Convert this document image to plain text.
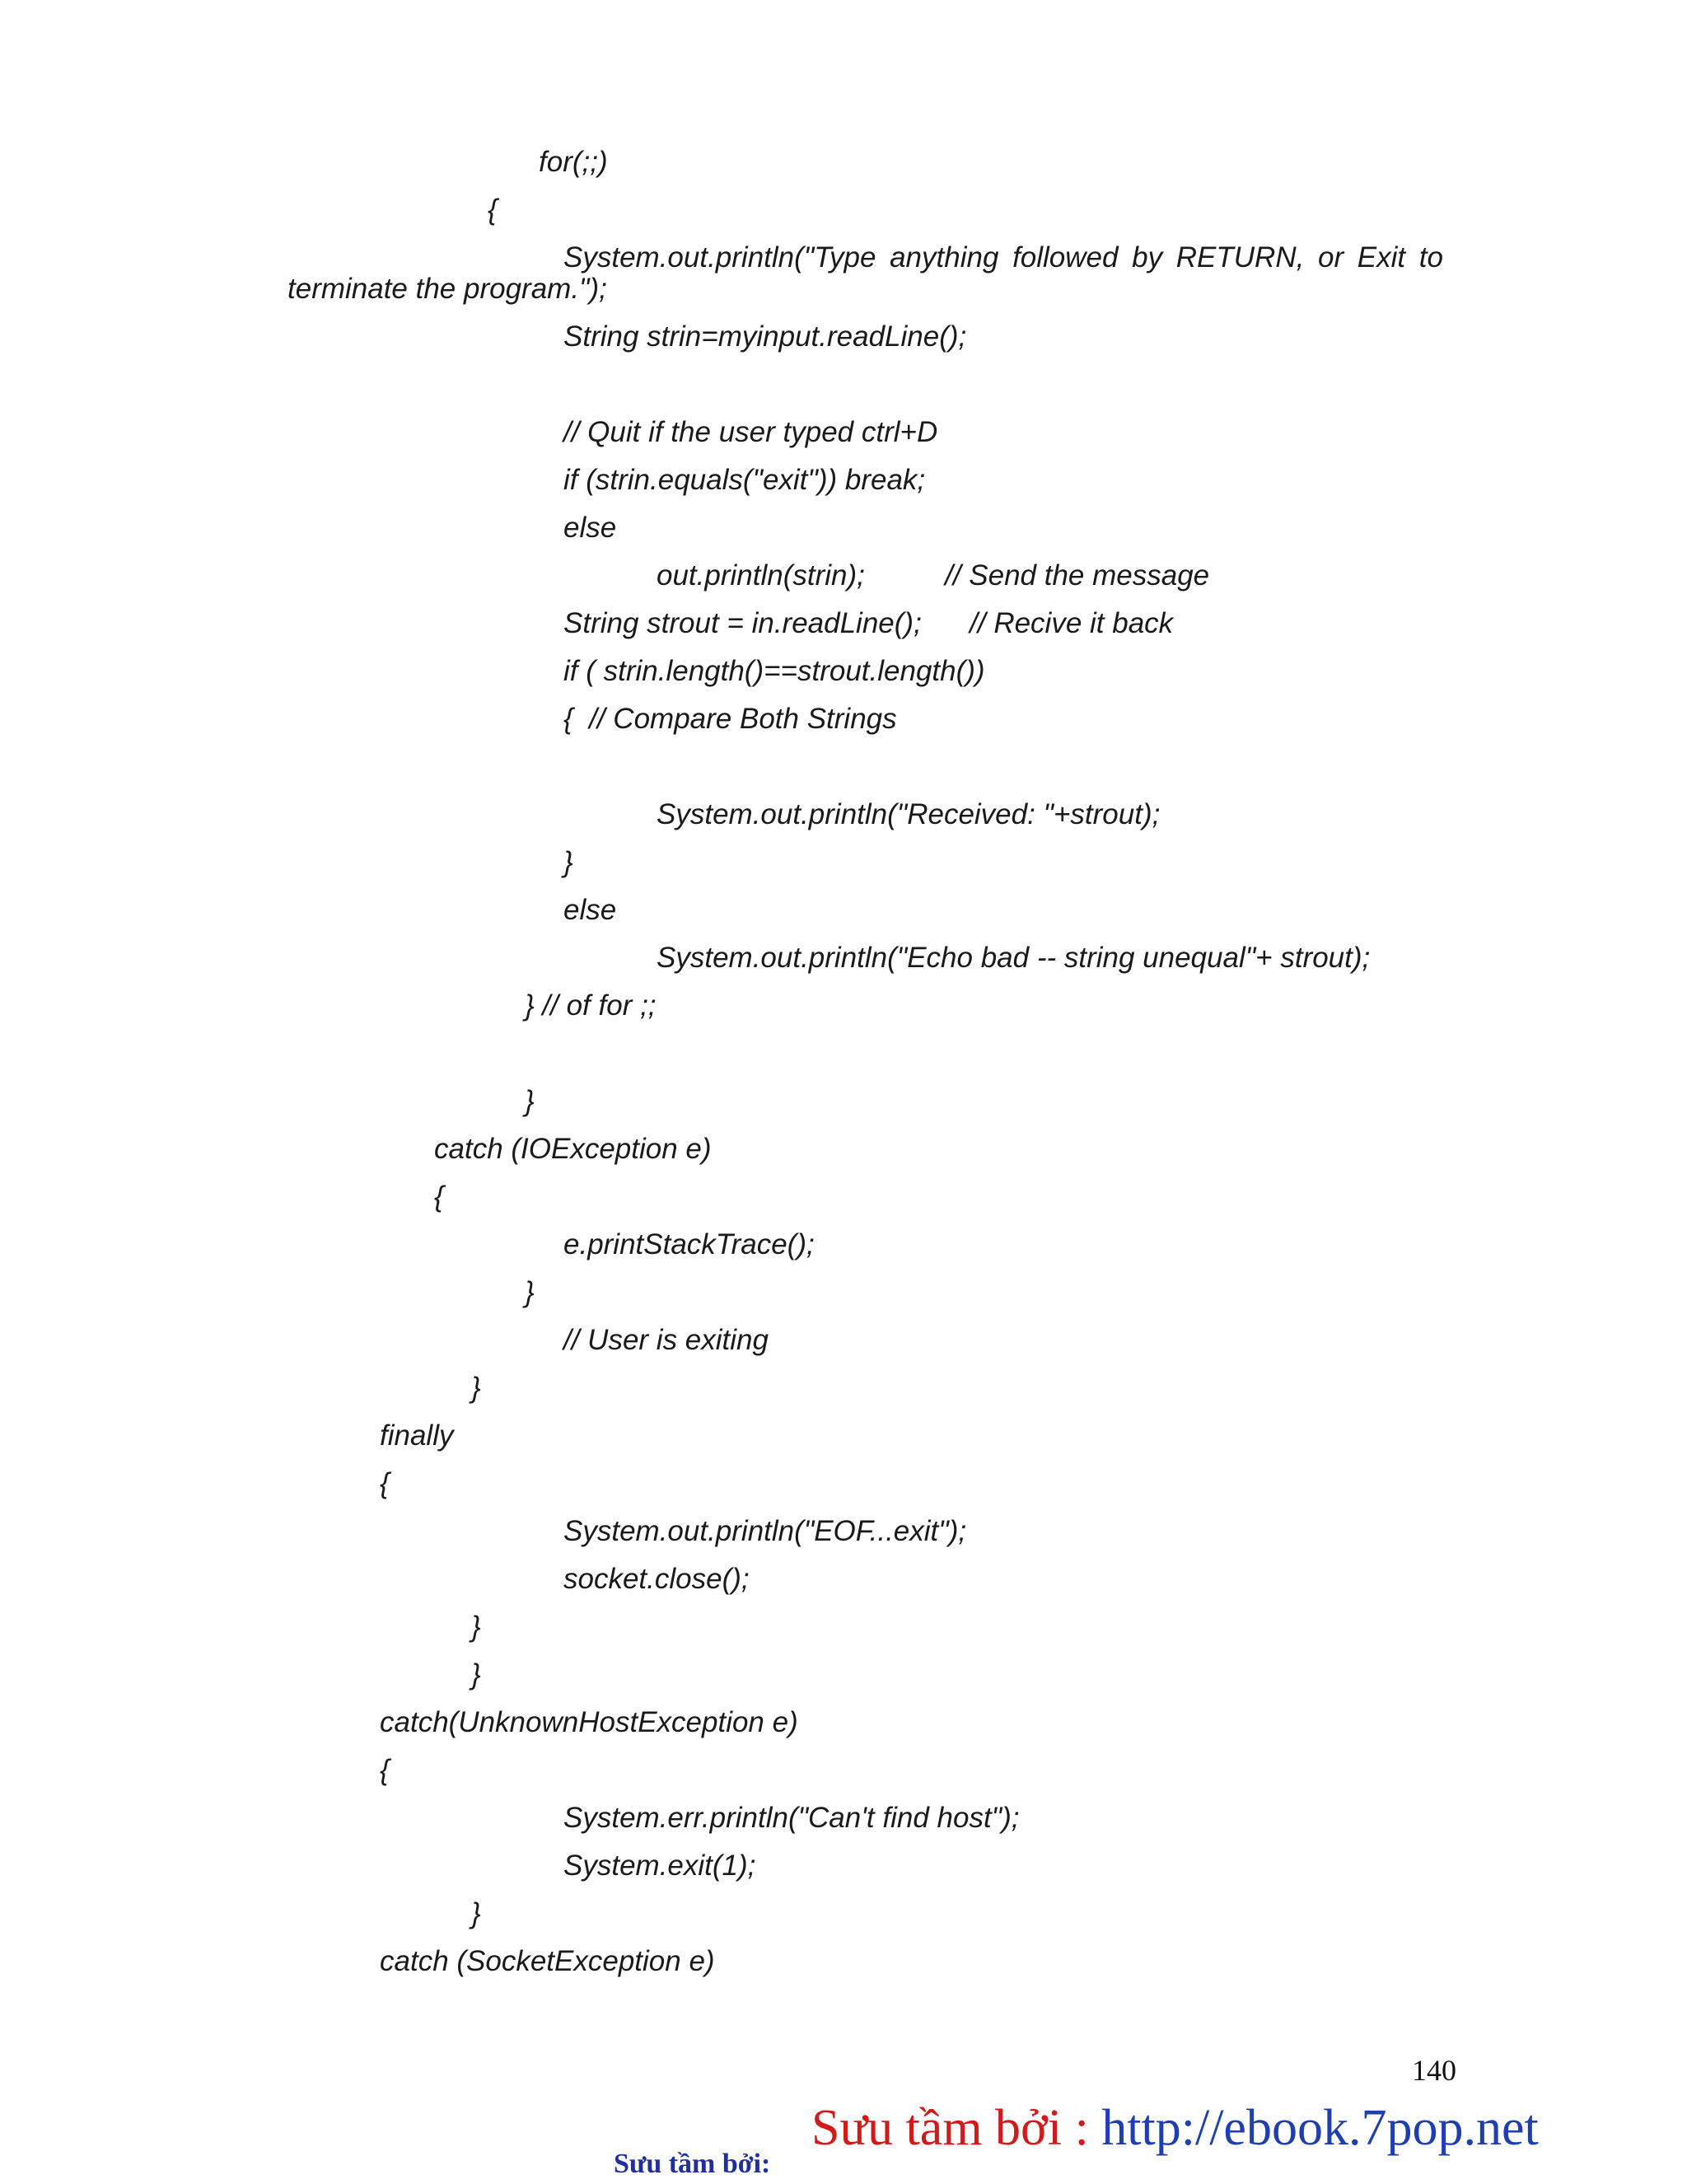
for(;;)
{
System.out.println("Type anything followed by RETURN, or Exit to
terminate the program.");
String strin=myinput.readLine();
// Quit if the user typed ctrl+D
if (strin.equals("exit")) break;
else
out.println(strin);          // Send the message
String strout = in.readLine();      // Recive it back
if ( strin.length()==strout.length())
{  // Compare Both Strings
System.out.println("Received: "+strout);
}
else
System.out.println("Echo bad -- string unequal"+ strout);
} // of for ;;
}
catch (IOException e)
{
e.printStackTrace();
}
// User is exiting
}
finally
{
System.out.println("EOF...exit");
socket.close();
}
}
catch(UnknownHostException e)
{
System.err.println("Can't find host");
System.exit(1);
}
catch (SocketException e)
140
Sưu tầm bởi : http://ebook.7pop.net
Sưu tầm bởi:
